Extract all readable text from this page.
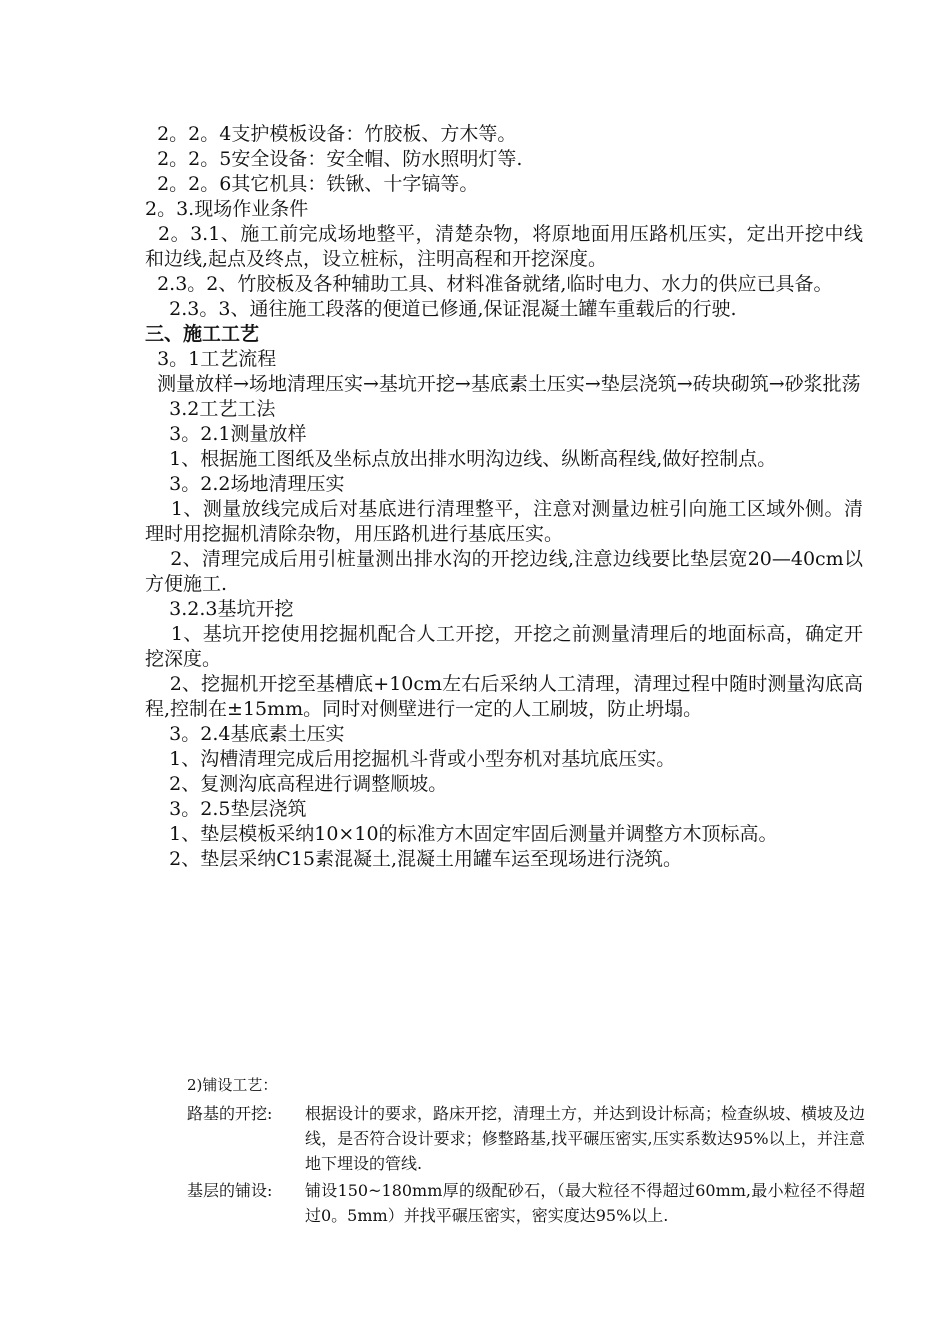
2。2。4支护模板设备：竹胶板、方木等。

2。2。5安全设备：安全帽、防水照明灯等.

2。2。6其它机具：铁锹、十字镐等。

2。3.现场作业条件

2。3.1、施工前完成场地整平，清楚杂物，将原地面用压路机压实，定出开挖中线和边线,起点及终点，设立桩标，注明高程和开挖深度。

2.3。2、竹胶板及各种辅助工具、材料准备就绪,临时电力、水力的供应已具备。

2.3。3、通往施工段落的便道已修通,保证混凝土罐车重载后的行驶.

三、施工工艺

3。1工艺流程

测量放样→场地清理压实→基坑开挖→基底素土压实→垫层浇筑→砖块砌筑→砂浆批荡

3.2工艺工法

3。2.1测量放样

1、根据施工图纸及坐标点放出排水明沟边线、纵断高程线,做好控制点。

3。2.2场地清理压实

1、测量放线完成后对基底进行清理整平，注意对测量边桩引向施工区域外侧。清理时用挖掘机清除杂物，用压路机进行基底压实。

2、清理完成后用引桩量测出排水沟的开挖边线,注意边线要比垫层宽20—40cm以方便施工.

3.2.3基坑开挖

1、基坑开挖使用挖掘机配合人工开挖，开挖之前测量清理后的地面标高，确定开挖深度。

2、挖掘机开挖至基槽底+10cm左右后采纳人工清理，清理过程中随时测量沟底高程,控制在±15mm。同时对侧壁进行一定的人工刷坡，防止坍塌。

3。2.4基底素土压实

1、沟槽清理完成后用挖掘机斗背或小型夯机对基坑底压实。

2、复测沟底高程进行调整顺坡。

3。2.5垫层浇筑

1、垫层模板采纳10×10的标准方木固定牢固后测量并调整方木顶标高。

2、垫层采纳C15素混凝土,混凝土用罐车运至现场进行浇筑。

2)铺设工艺：

路基的开挖:	根据设计的要求，路床开挖，清理土方，并达到设计标高；检查纵坡、横坡及边线，是否符合设计要求；修整路基,找平碾压密实,压实系数达95%以上，并注意地下埋设的管线.
基层的铺设:	铺设150~180mm厚的级配砂石，（最大粒径不得超过60mm,最小粒径不得超过0。5mm）并找平碾压密实，密实度达95%以上.
